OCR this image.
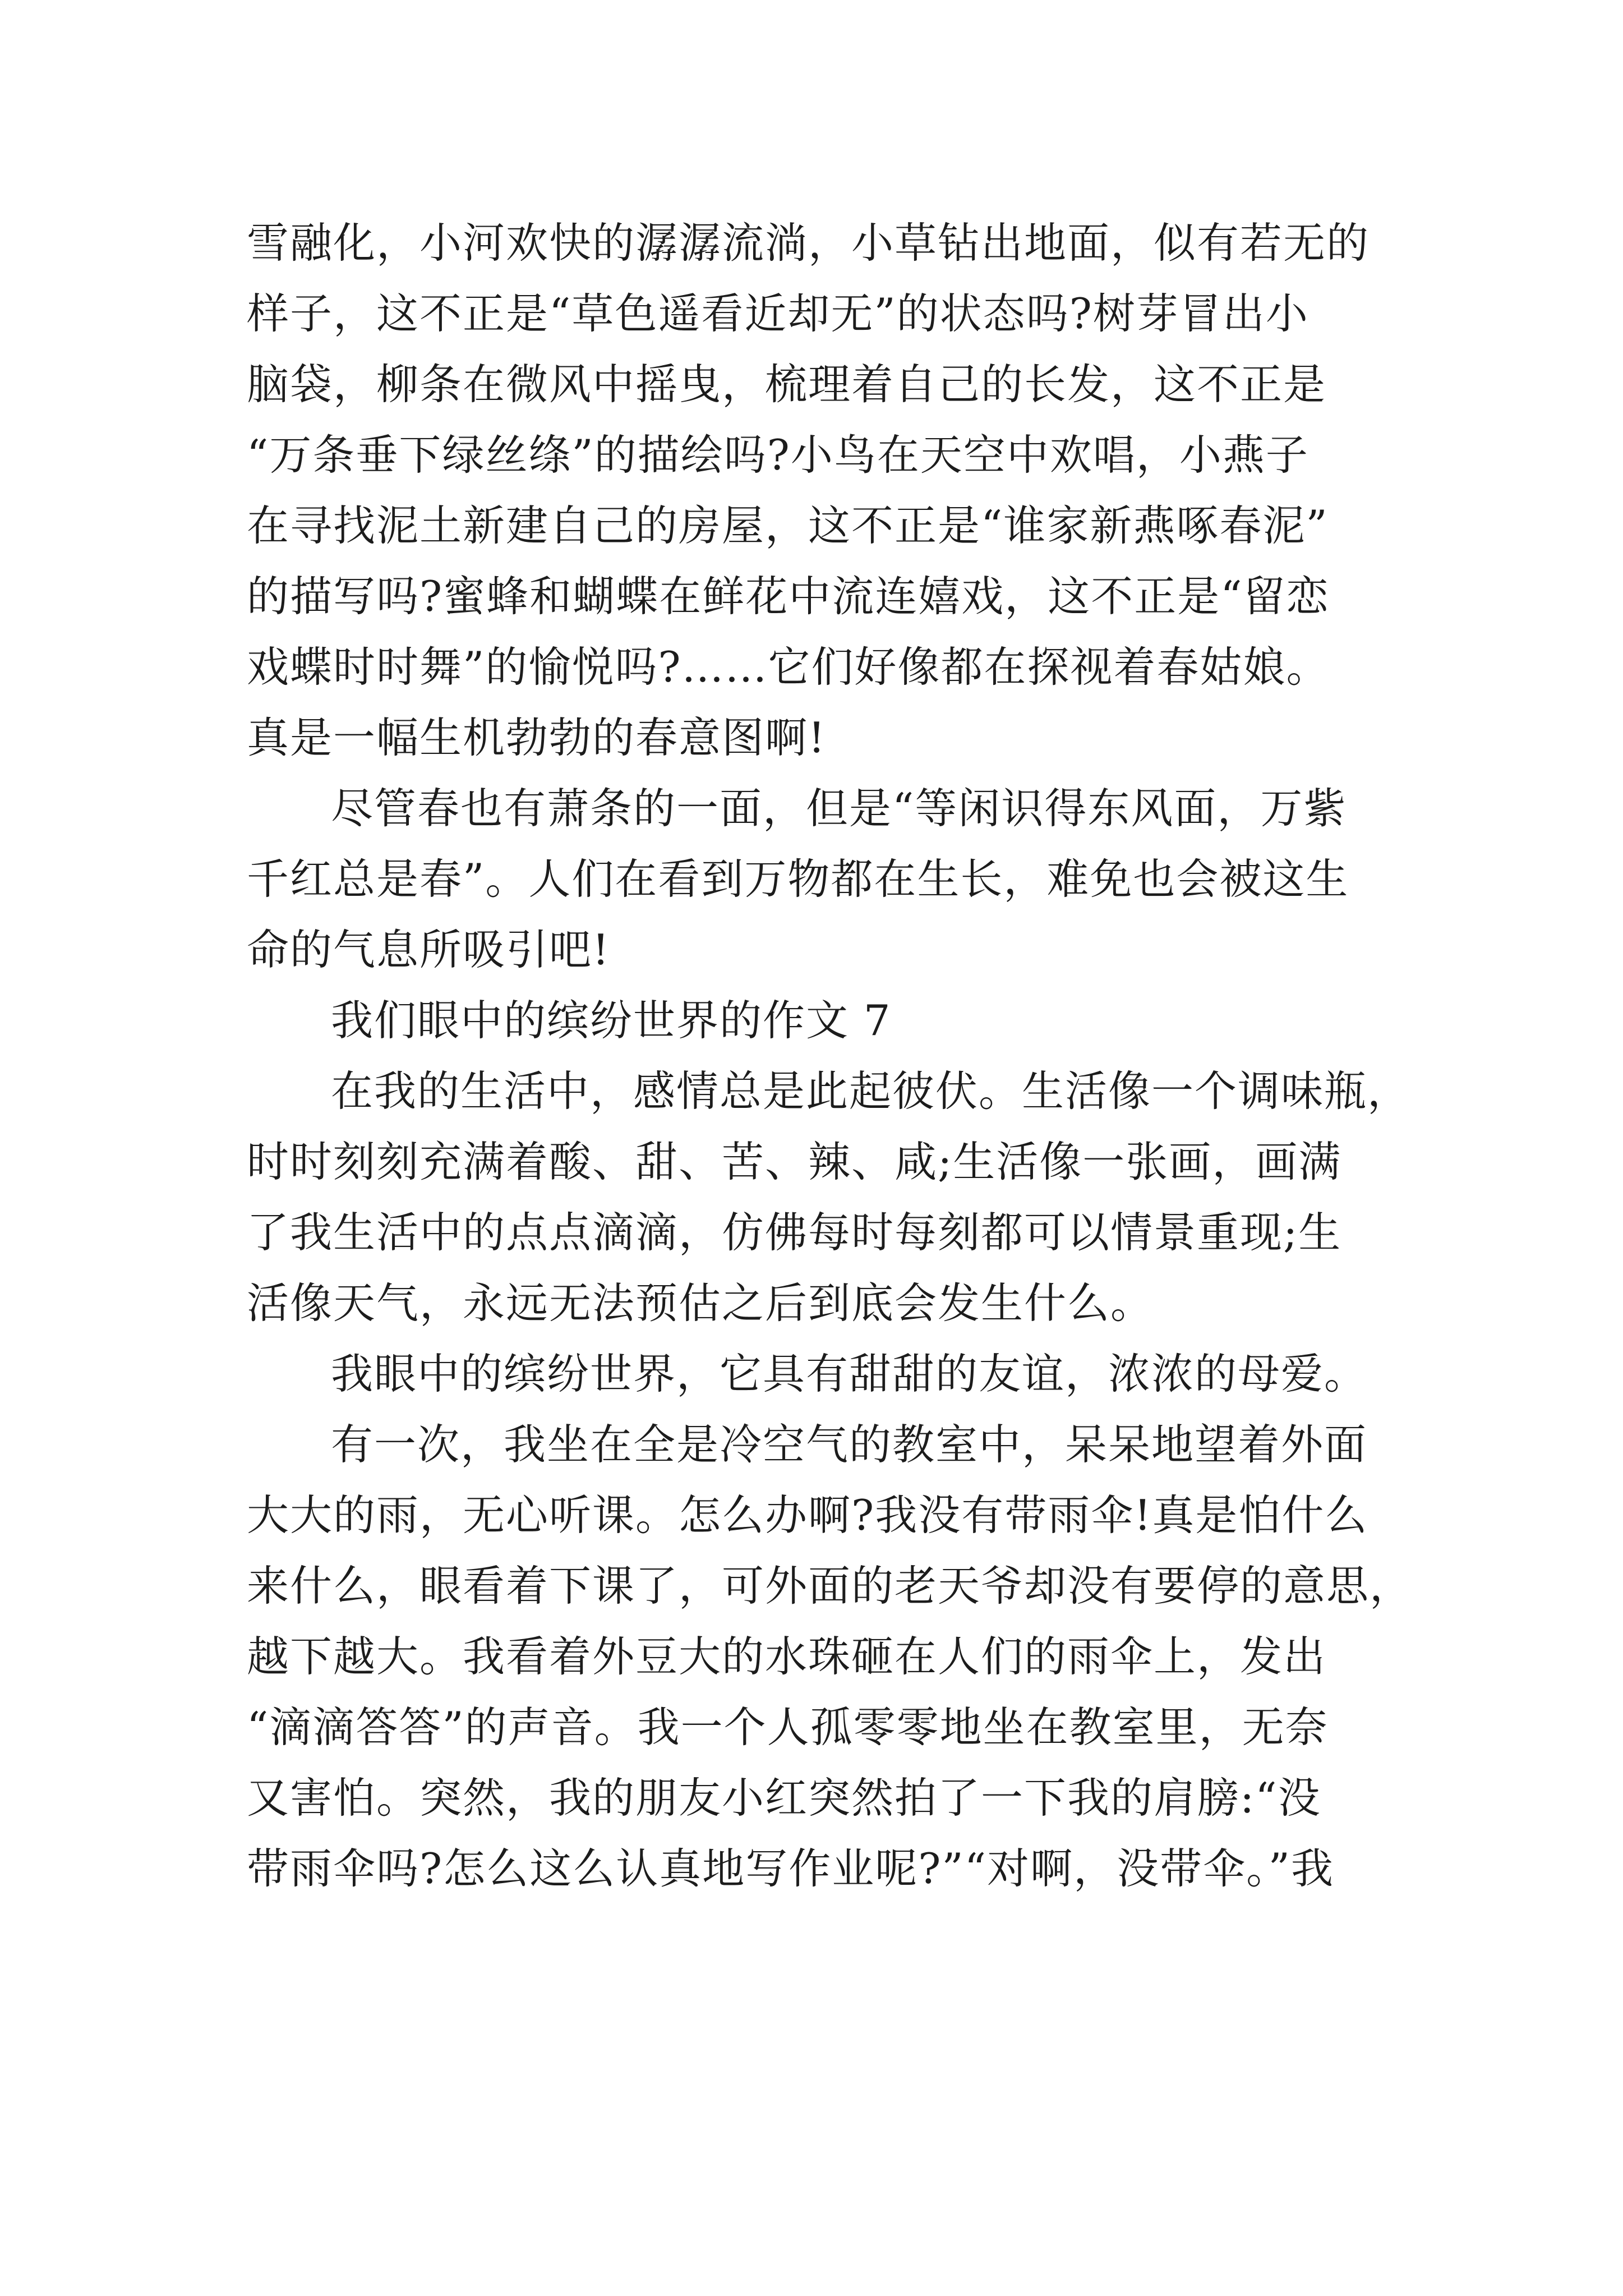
雪融化，小河欢快的潺潺流淌，小草钻出地面，似有若无的
样子，这不正是“草色遥看近却无”的状态吗?树芽冒出小
脑袋，柳条在微风中摇曳，梳理着自己的长发，这不正是
“万条垂下绿丝绦”的描绘吗?小鸟在天空中欢唱，小燕子
在寻找泥土新建自己的房屋，这不正是“谁家新燕啄春泥”
的描写吗?蜜蜂和蝴蝶在鲜花中流连嬉戏，这不正是“留恋
戏蝶时时舞”的愉悦吗?……它们好像都在探视着春姑娘。
真是一幅生机勃勃的春意图啊!
尽管春也有萧条的一面，但是“等闲识得东风面，万紫
千红总是春”。人们在看到万物都在生长，难免也会被这生
命的气息所吸引吧!
我们眼中的缤纷世界的作文 7
在我的生活中，感情总是此起彼伏。生活像一个调味瓶，
时时刻刻充满着酸、甜、苦、辣、咸;生活像一张画，画满
了我生活中的点点滴滴，仿佛每时每刻都可以情景重现;生
活像天气，永远无法预估之后到底会发生什么。
我眼中的缤纷世界，它具有甜甜的友谊，浓浓的母爱。
有一次，我坐在全是冷空气的教室中，呆呆地望着外面
大大的雨，无心听课。怎么办啊?我没有带雨伞!真是怕什么
来什么，眼看着下课了，可外面的老天爷却没有要停的意思，
越下越大。我看着外豆大的水珠砸在人们的雨伞上，发出
“滴滴答答”的声音。我一个人孤零零地坐在教室里，无奈
又害怕。突然，我的朋友小红突然拍了一下我的肩膀:“没
带雨伞吗?怎么这么认真地写作业呢?”“对啊，没带伞。”我
